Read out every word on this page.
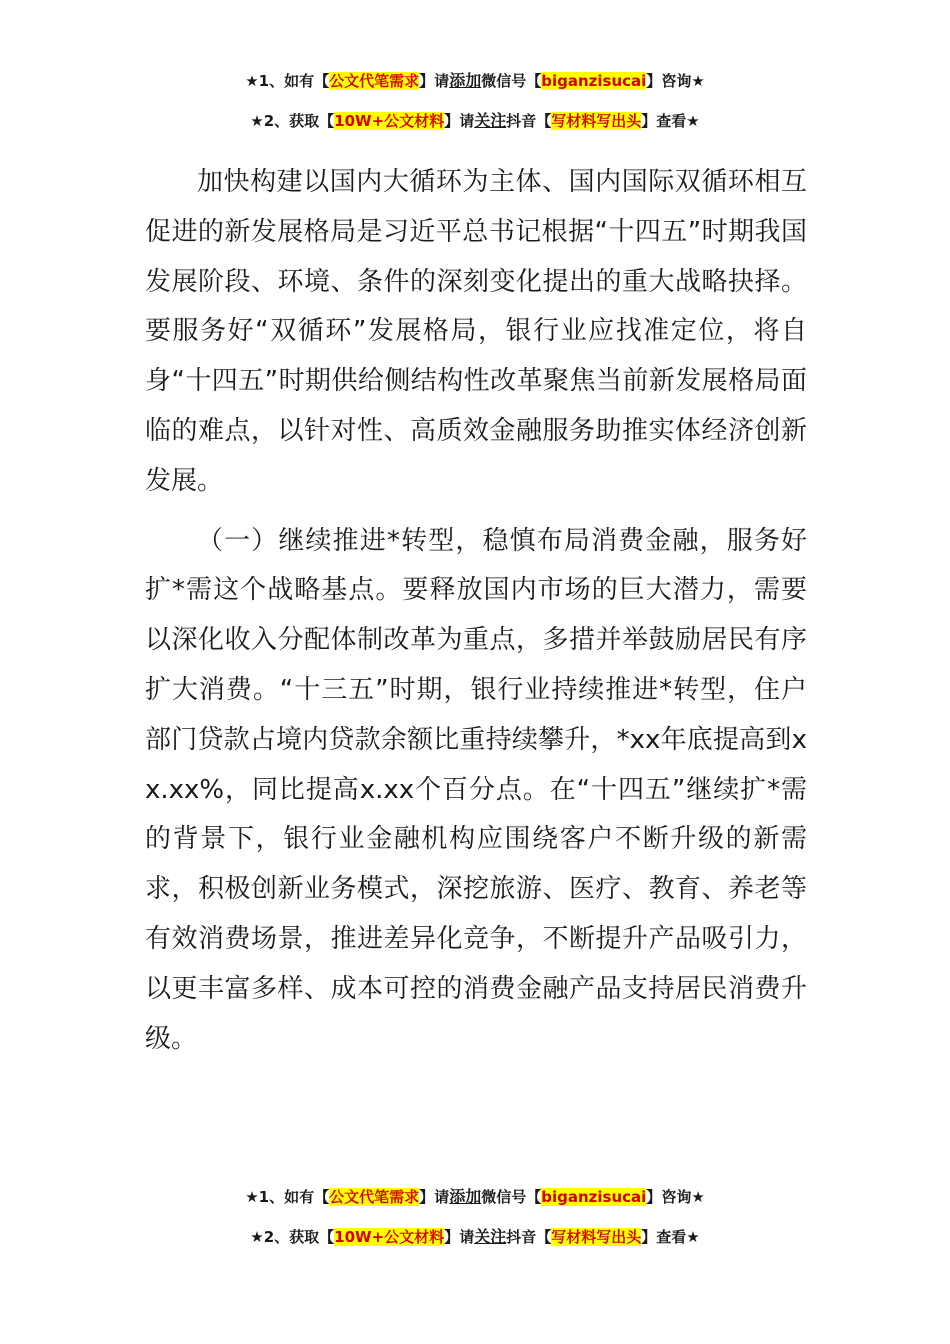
★1、如有【公文代笔需求】请添加微信号【biganzisucai】咨询★
★2、获取【10W+公文材料】请关注抖音【写材料写出头】查看★

加快构建以国内大循环为主体、国内国际双循环相互促进的新发展格局是习近平总书记根据“十四五”时期我国发展阶段、环境、条件的深刻变化提出的重大战略抉择。要服务好“双循环”发展格局，银行业应找准定位，将自身“十四五”时期供给侧结构性改革聚焦当前新发展格局面临的难点，以针对性、高质效金融服务助推实体经济创新发展。

（一）继续推进*转型，稳慎布局消费金融，服务好扩*需这个战略基点。要释放国内市场的巨大潜力，需要以深化收入分配体制改革为重点，多措并举鼓励居民有序扩大消费。“十三五”时期，银行业持续推进*转型，住户部门贷款占境内贷款余额比重持续攀升，*xx年底提高到xx.xx%，同比提高x.xx个百分点。在“十四五”继续扩*需的背景下，银行业金融机构应围绕客户不断升级的新需求，积极创新业务模式，深挖旅游、医疗、教育、养老等有效消费场景，推进差异化竞争，不断提升产品吸引力，以更丰富多样、成本可控的消费金融产品支持居民消费升级。

★1、如有【公文代笔需求】请添加微信号【biganzisucai】咨询★
★2、获取【10W+公文材料】请关注抖音【写材料写出头】查看★
